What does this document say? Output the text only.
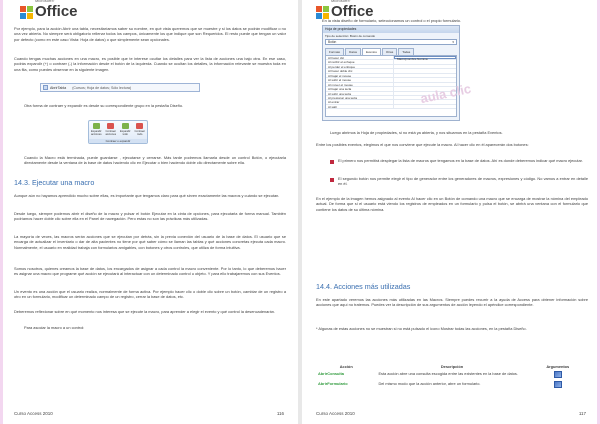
Microsoft®
Office

Por ejemplo, para la acción Abrir una tabla, necesitaríamos saber su nombre, en qué vista queremos que se muestre y si los datos se podrán modificar o no una vez abierta. No siempre será obligatorio rellenar todos los campos, únicamente los que indique que son Requeridos. El resto puede que tengan un valor por defecto (como en este caso Vista: Hoja de datos) o que simplemente sean opcionales.

Cuando tengas muchas acciones en una macro, es posible que te interese ocultar los detalles para ver la lista de acciones una bajo otra. En ese caso, podrás expandir (+) o contraer (-) la información desde el botón de la izquierda. Cuando se ocultan los detalles, la información relevante se muestra toda en una fila, como puedes observar en la siguiente imagen.

AbrirTabla (Cursos; Hoja de datos; Sólo lectura)

Otra forma de contraer y expandir es desde su correspondiente grupo en la pestaña Diseño.

Expandir acciones
Contraer acciones
Expandir todo
Contraer todo
Contraer o expandir

Cuando la Macro está terminada, puede guardarse , ejecutarse y cerrarse. Más tarde podremos llamarla desde un control Botón, o ejecutarla directamente desde la ventana de la base de datos haciendo clic en Ejecutar o bien haciendo doble clic directamente sobre ella.

14.3. Ejecutar una macro

Aunque aún no hayamos aprendido mucho sobre ellas, es importante que tengamos claro para qué sirven exactamente las macros y cuándo se ejecutan.

Desde luego, siempre podemos abrir el diseño de la macro y pulsar el botón Ejecutar en la cinta de opciones, para ejecutarla de forma manual. También podríamos hacer doble clic sobre ella en el Panel de navegación. Pero estas no son las prácticas más utilizadas.

La mayoría de veces, las macros serán acciones que se ejecutan por detrás, sin la previa conexión del usuario de la base de datos. El usuario que se encarga de actualizar el inventario o dar de alta pacientes no tiene por qué saber cómo se llaman las tablas y qué acciones concretas ejecuta cada macro. Normalmente, el usuario en realidad trabaja con formularios amigables, con botones y otros controles, que utiliza de forma intuitiva.

Somos nosotros, quienes creamos la base de datos, los encargados de asignar a cada control la macro conveniente. Por lo tanto, lo que deberemos hacer es asignar una macro que programe qué acción se ejecutará al interactuar con un determinado control u objeto. Y para ello trabajaremos con sus Eventos.

Un evento es una acción que el usuario realiza, normalmente de forma activa. Por ejemplo hacer clic o doble clic sobre un botón, cambiar de un registro a otro en un formulario, modificar un determinado campo de un registro, cerrar la base de datos, etc.

Deberemos reflexionar sobre en qué momento nos interesa que se ejecute la macro, para aprender a elegir el evento y qué control la desencadenarán.

Para asociar la macro a un control:

Curso Access 2010	116
Microsoft®
Office

En la vista diseño de formulario, seleccionamos un control o el propio formulario.

Hoja de propiedades
Tipo de selección: Botón de comando
Botón	▾
Formato	Datos	Eventos	Otras	Todas
Al hacer clic	Macro[nombre.Nomina
Al recibir el enfoque
Al perder el enfoque
Al hacer doble clic
Al bajar el mouse
Al subir el mouse
Al mover el mouse
Al bajar una tecla
Al subir una tecla
Al presionar una tecla
Al entrar
Al salir
aula clic

Luego abrimos la Hoja de propiedades, si no está ya abierta, y nos situamos en la pestaña Eventos.

Entre los posibles eventos, elegimos el que nos conviene que ejecute la macro. Al hacer clic en él aparecerán dos botones:

El primero nos permitirá desplegar la lista de macros que tengamos en la base de datos. Ahí es donde deberemos indicar qué macro ejecutar.

El segundo botón nos permite elegir el tipo de generador entre los generadores de macros, expresiones y código. No vamos a entrar en detalle en él.

En el ejemplo de la imagen hemos asignado al evento Al hacer clic en un Botón de comando una macro que se encarga de mostrar la nómina del empleado actual. De forma que si el usuario está viendo los registros de empleados en un formulario y pulsa el botón, se abrirá una ventana con el formulario que contiene los datos de su última nómina.

14.4. Acciones más utilizadas

En este apartado veremos las acciones más utilizadas en las Macros. Siempre puedes recurrir a la ayuda de Access para obtener información sobre acciones que aquí no tratemos. Puedes ver la descripción de sus argumentos de acción leyendo el apéndice correspondiente.

* Algunas de estas acciones no se muestran si no está pulsado el icono Mostrar todas las acciones, en la pestaña Diseño.

Acción	Descripción	Argumentos
AbrirConsulta	Esta acción abre una consulta escogida entre las existentes en la base de datos.	
AbrirFormulario	Del mismo modo que la acción anterior, abre un formulario.	
Curso Access 2010	117
